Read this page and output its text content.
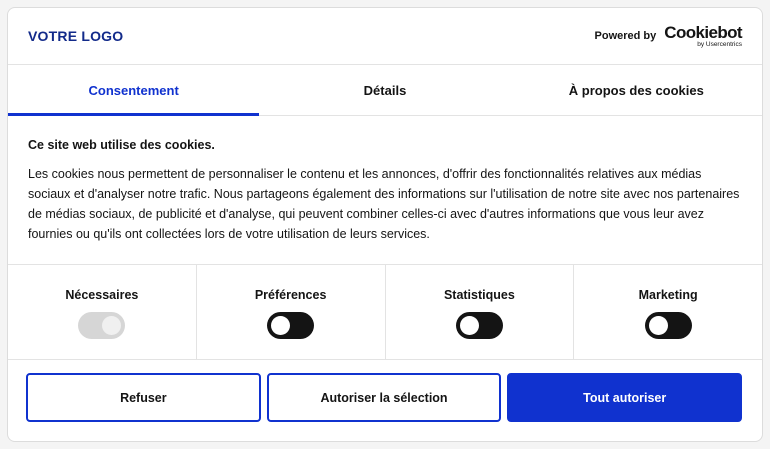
VOTRE LOGO	Powered by Cookiebot
by Usercentrics
Consentement	Détails	À propos des cookies
Ce site web utilise des cookies.
Les cookies nous permettent de personnaliser le contenu et les annonces, d'offrir des fonctionnalités relatives aux médias sociaux et d'analyser notre trafic. Nous partageons également des informations sur l'utilisation de notre site avec nos partenaires de médias sociaux, de publicité et d'analyse, qui peuvent combiner celles-ci avec d'autres informations que vous leur avez fournies ou qu'ils ont collectées lors de votre utilisation de leurs services.
Nécessaires	Préférences	Statistiques	Marketing
Refuser	Autoriser la sélection	Tout autoriser
